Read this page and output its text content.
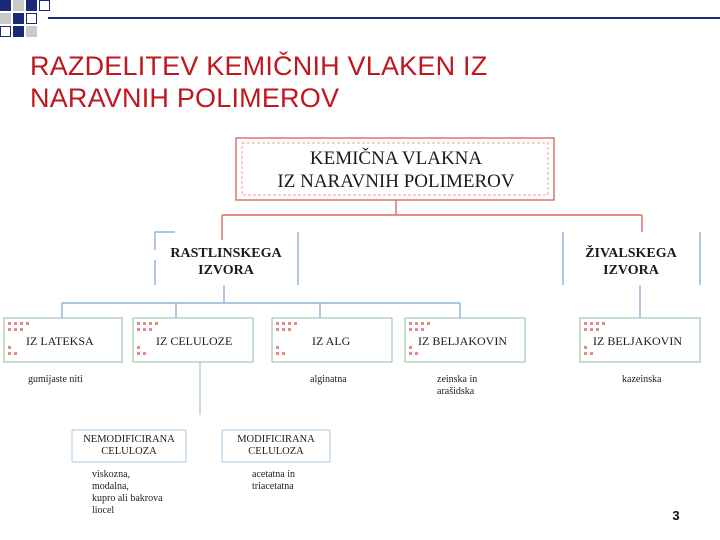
RAZDELITEV KEMIČNIH VLAKEN IZ
NARAVNIH POLIMEROV
KEMIČNA VLAKNA
IZ NARAVNIH POLIMEROV
RASTLINSKEGA
IZVORA
ŽIVALSKEGA
IZVORA
IZ LATEKSA	IZ CELULOZE	IZ ALG	IZ BELJAKOVIN	IZ BELJAKOVIN
gumijaste niti	alginatna	zeinska in
arašidska
kazeinska
NEMODIFICIRANA
CELULOZA
MODIFICIRANA
CELULOZA
viskozna,
modalna,
kupro ali bakrova
liocel
acetatna in
triacetatna
3
